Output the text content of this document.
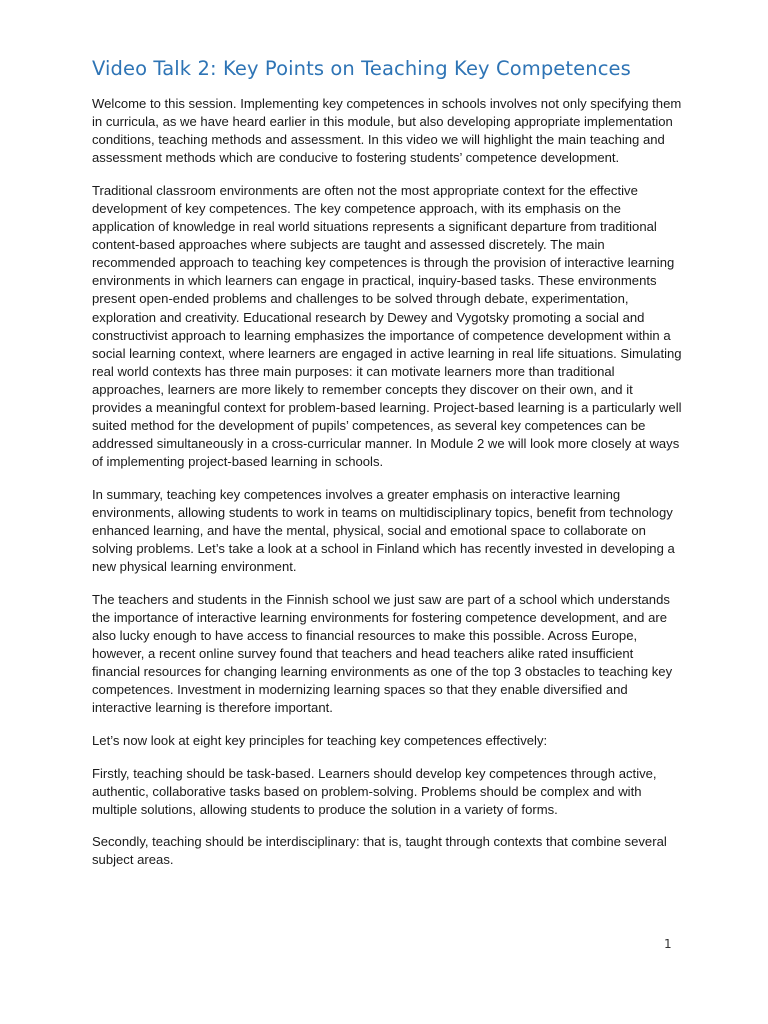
Video Talk 2: Key Points on Teaching Key Competences

Welcome to this session. Implementing key competences in schools involves not only specifying them in curricula, as we have heard earlier in this module, but also developing appropriate implementation conditions, teaching methods and assessment. In this video we will highlight the main teaching and assessment methods which are conducive to fostering students’ competence development.

Traditional classroom environments are often not the most appropriate context for the effective development of key competences. The key competence approach, with its emphasis on the application of knowledge in real world situations represents a significant departure from traditional content-based approaches where subjects are taught and assessed discretely. The main recommended approach to teaching key competences is through the provision of interactive learning environments in which learners can engage in practical, inquiry-based tasks. These environments present open-ended problems and challenges to be solved through debate, experimentation, exploration and creativity. Educational research by Dewey and Vygotsky promoting a social and constructivist approach to learning emphasizes the importance of competence development within a social learning context, where learners are engaged in active learning in real life situations. Simulating real world contexts has three main purposes: it can motivate learners more than traditional approaches, learners are more likely to remember concepts they discover on their own, and it provides a meaningful context for problem-based learning. Project-based learning is a particularly well suited method for the development of pupils’ competences, as several key competences can be addressed simultaneously in a cross-curricular manner. In Module 2 we will look more closely at ways of implementing project-based learning in schools.

In summary, teaching key competences involves a greater emphasis on interactive learning environments, allowing students to work in teams on multidisciplinary topics, benefit from technology enhanced learning, and have the mental, physical, social and emotional space to collaborate on solving problems. Let’s take a look at a school in Finland which has recently invested in developing a new physical learning environment.

The teachers and students in the Finnish school we just saw are part of a school which understands the importance of interactive learning environments for fostering competence development, and are also lucky enough to have access to financial resources to make this possible. Across Europe, however, a recent online survey found that teachers and head teachers alike rated insufficient financial resources for changing learning environments as one of the top 3 obstacles to teaching key competences. Investment in modernizing learning spaces so that they enable diversified and interactive learning is therefore important.

Let’s now look at eight key principles for teaching key competences effectively:

Firstly, teaching should be task-based. Learners should develop key competences through active, authentic, collaborative tasks based on problem-solving. Problems should be complex and with multiple solutions, allowing students to produce the solution in a variety of forms.

Secondly, teaching should be interdisciplinary: that is, taught through contexts that combine several subject areas.

1
